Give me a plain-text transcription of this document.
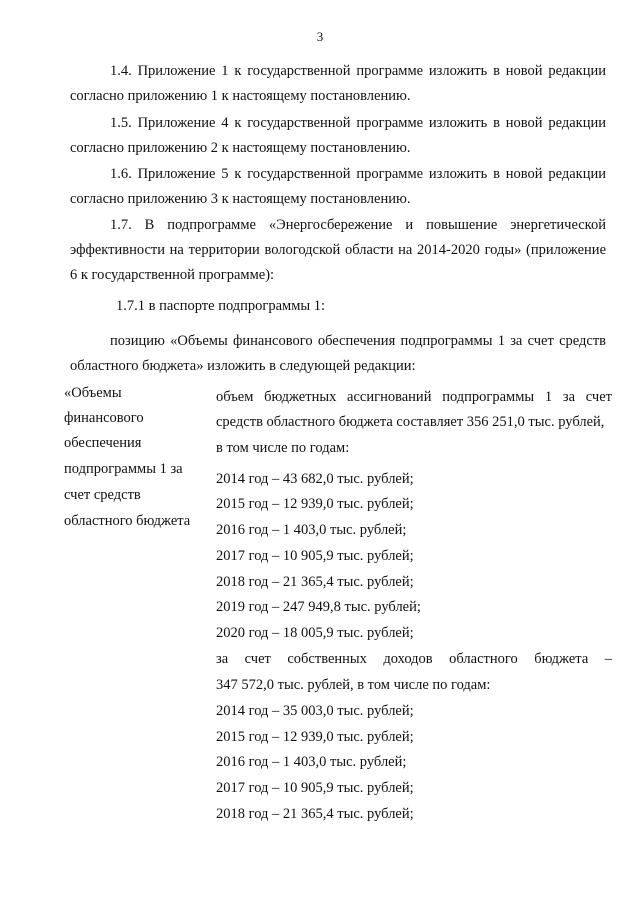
3
1.4. Приложение 1 к государственной программе изложить в новой редакции
согласно приложению 1 к настоящему постановлению.
1.5. Приложение 4 к государственной программе изложить в новой редакции
согласно приложению 2 к настоящему постановлению.
1.6. Приложение 5 к государственной программе изложить в новой редакции
согласно приложению 3 к настоящему постановлению.
1.7. В подпрограмме «Энергосбережение и повышение энергетической
эффективности на территории вологодской области на 2014-2020 годы» (приложение
6 к государственной программе):
1.7.1 в паспорте подпрограммы 1:
позицию «Объемы финансового обеспечения подпрограммы 1 за счет средств
областного бюджета» изложить в следующей редакции:
«Объемы
финансового
обеспечения
подпрограммы 1 за
счет средств
областного бюджета
объем бюджетных ассигнований подпрограммы 1 за счет
средств областного бюджета составляет 356 251,0 тыс. рублей,
в том числе по годам:
2014 год – 43 682,0 тыс. рублей;
2015 год – 12 939,0 тыс. рублей;
2016 год – 1 403,0 тыс. рублей;
2017 год – 10 905,9 тыс. рублей;
2018 год – 21 365,4 тыс. рублей;
2019 год – 247 949,8 тыс. рублей;
2020 год – 18 005,9 тыс. рублей;
за счет собственных доходов областного бюджета –
347 572,0 тыс. рублей, в том числе по годам:
2014 год – 35 003,0 тыс. рублей;
2015 год – 12 939,0 тыс. рублей;
2016 год – 1 403,0 тыс. рублей;
2017 год – 10 905,9 тыс. рублей;
2018 год – 21 365,4 тыс. рублей;
